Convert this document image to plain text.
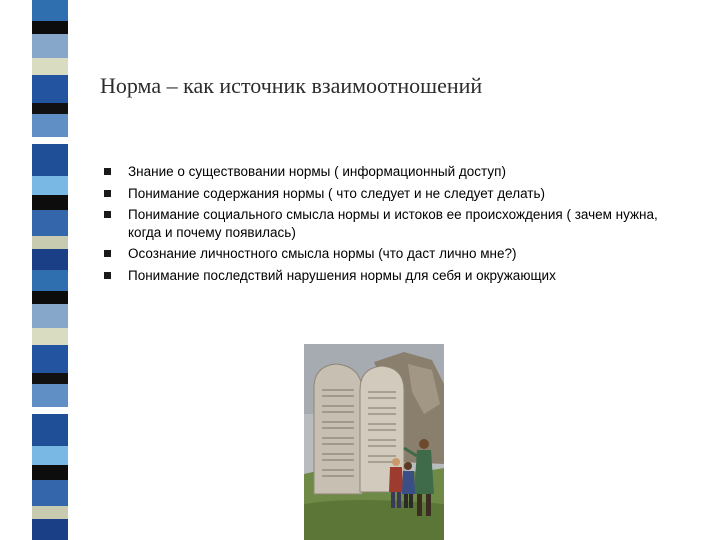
Норма – как источник взаимоотношений
Знание о существовании нормы ( информационный доступ)
Понимание содержания нормы ( что следует и не следует делать)
Понимание социального смысла нормы и истоков ее происхождения ( зачем нужна, когда и почему появилась)
Осознание личностного смысла нормы (что даст лично мне?)
Понимание последствий нарушения нормы для себя и окружающих
